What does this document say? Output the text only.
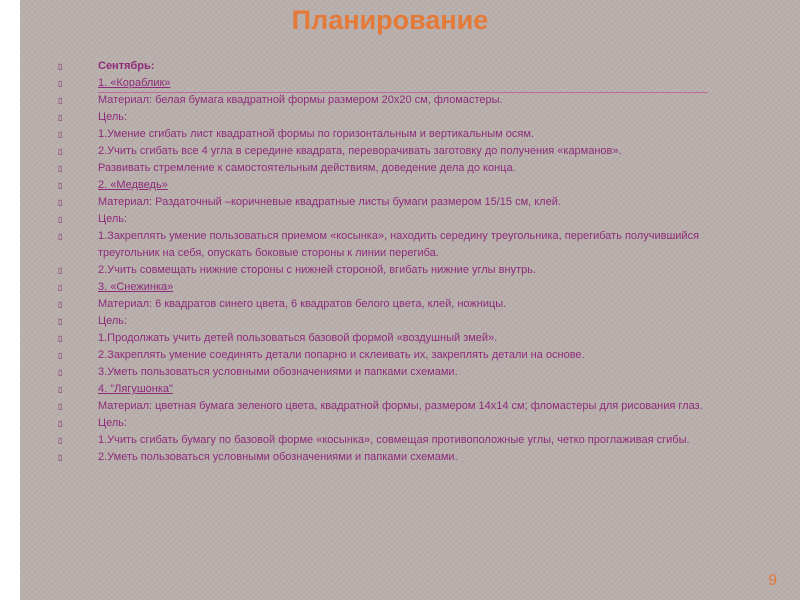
Планирование
▯
Сентябрь:
▯
1. «Кораблик»
▯
Материал: белая бумага квадратной формы размером 20х20 см, фломастеры.
▯
Цель:
▯
1.Умение сгибать лист квадратной формы по горизонтальным и вертикальным осям.
▯
2.Учить сгибать все 4 угла в середине квадрата, переворачивать заготовку до получения «карманов».
▯
Развивать стремление к самостоятельным действиям, доведение дела до конца.
▯
2. «Медведь»
▯
Материал: Раздаточный –коричневые квадратные листы бумаги размером 15/15 см, клей.
▯
Цель:
▯
1.Закреплять умение пользоваться приемом «косынка», находить середину треугольника, перегибать получившийся треугольник на себя, опускать боковые стороны к линии перегиба.
▯
2.Учить совмещать нижние стороны с нижней стороной, вгибать нижние углы внутрь.
▯
3. «Снежинка»
▯
Материал: 6 квадратов синего цвета, 6 квадратов белого цвета, клей, ножницы.
▯
Цель:
▯
1.Продолжать учить детей пользоваться базовой формой «воздушный змей».
▯
2.Закреплять умение соединять детали попарно и склеивать их, закреплять детали на основе.
▯
3.Уметь пользоваться условными обозначениями и папками схемами.
▯
4. "Лягушонка"
▯
Материал: цветная бумага зеленого цвета, квадратной формы, размером 14х14 см; фломастеры для рисования глаз.
▯
Цель:
▯
1.Учить сгибать бумагу по базовой форме «косынка», совмещая противоположные углы, четко проглаживая сгибы.
▯
2.Уметь пользоваться условными обозначениями и папками схемами.
9
